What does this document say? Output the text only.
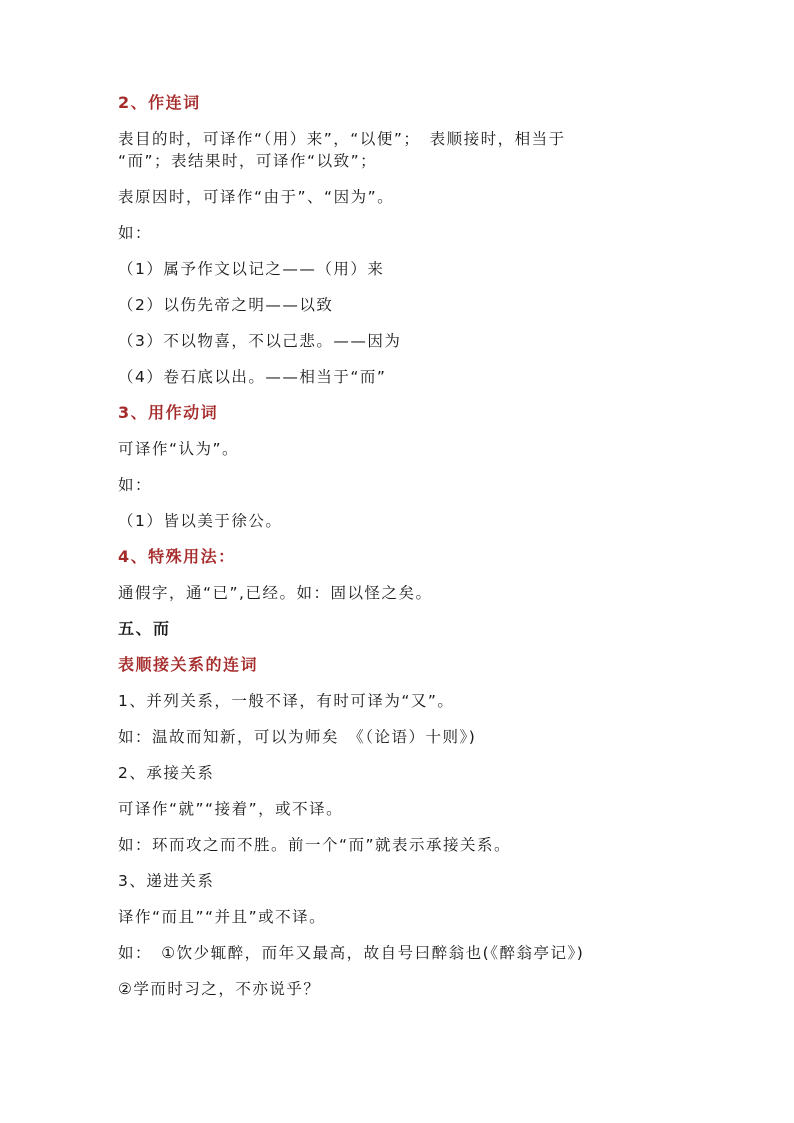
2、作连词

表目的时，可译作“（用）来”，“以便”；　表顺接时，相当于

“而”；表结果时，可译作“以致”；

表原因时，可译作“由于”、“因为”。

如：

（1）属予作文以记之——（用）来

（2）以伤先帝之明——以致

（3）不以物喜，不以己悲。——因为

（4）卷石底以出。——相当于“而”

3、用作动词

可译作“认为”。

如：

（1）皆以美于徐公。

4、特殊用法：

通假字，通“已”,已经。如：固以怪之矣。

五、而

表顺接关系的连词

1、并列关系，一般不译，有时可译为“又”。

如：温故而知新，可以为师矣　《（论语）十则》)

2、承接关系

可译作“就”“接着”，或不译。

如：环而攻之而不胜。前一个“而”就表示承接关系。

3、递进关系

译作“而且”“并且”或不译。

如：　①饮少辄醉，而年又最高，故自号曰醉翁也(《醉翁亭记》)

②学而时习之，不亦说乎？
